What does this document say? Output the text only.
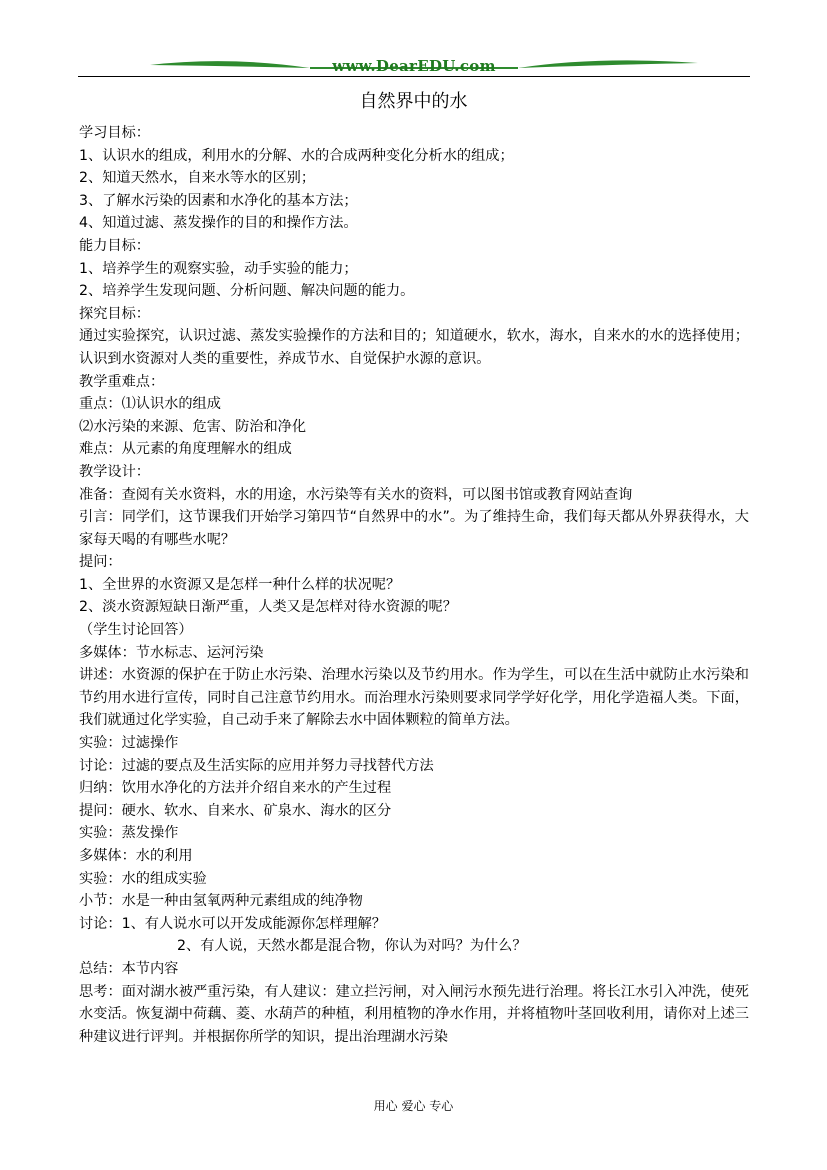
www.DearEDU.com
自然界中的水

学习目标：

1、认识水的组成，利用水的分解、水的合成两种变化分析水的组成；

2、知道天然水，自来水等水的区别；

3、了解水污染的因素和水净化的基本方法；

4、知道过滤、蒸发操作的目的和操作方法。

能力目标：

1、培养学生的观察实验，动手实验的能力；

2、培养学生发现问题、分析问题、解决问题的能力。

探究目标：

通过实验探究，认识过滤、蒸发实验操作的方法和目的；知道硬水，软水，海水，自来水的水的选择使用；认识到水资源对人类的重要性，养成节水、自觉保护水源的意识。

教学重难点：

重点：⑴认识水的组成

⑵水污染的来源、危害、防治和净化

难点：从元素的角度理解水的组成

教学设计：

准备：查阅有关水资料，水的用途，水污染等有关水的资料，可以图书馆或教育网站查询

引言：同学们，这节课我们开始学习第四节“自然界中的水”。为了维持生命，我们每天都从外界获得水，大家每天喝的有哪些水呢？

提问：

1、全世界的水资源又是怎样一种什么样的状况呢？

2、淡水资源短缺日渐严重，人类又是怎样对待水资源的呢？

（学生讨论回答）

多媒体：节水标志、运河污染

讲述：水资源的保护在于防止水污染、治理水污染以及节约用水。作为学生，可以在生活中就防止水污染和节约用水进行宣传，同时自己注意节约用水。而治理水污染则要求同学学好化学，用化学造福人类。下面，我们就通过化学实验，自己动手来了解除去水中固体颗粒的简单方法。

实验：过滤操作

讨论：过滤的要点及生活实际的应用并努力寻找替代方法

归纳：饮用水净化的方法并介绍自来水的产生过程

提问：硬水、软水、自来水、矿泉水、海水的区分

实验：蒸发操作

多媒体：水的利用

实验：水的组成实验

小节：水是一种由氢氧两种元素组成的纯净物

讨论：1、有人说水可以开发成能源你怎样理解？

2、有人说，天然水都是混合物，你认为对吗？为什么？

总结：本节内容

思考：面对湖水被严重污染，有人建议：建立拦污闸，对入闸污水预先进行治理。将长江水引入冲洗，使死水变活。恢复湖中荷藕、菱、水葫芦的种植，利用植物的净水作用，并将植物叶茎回收利用，请你对上述三种建议进行评判。并根据你所学的知识，提出治理湖水污染

用心 爱心 专心
